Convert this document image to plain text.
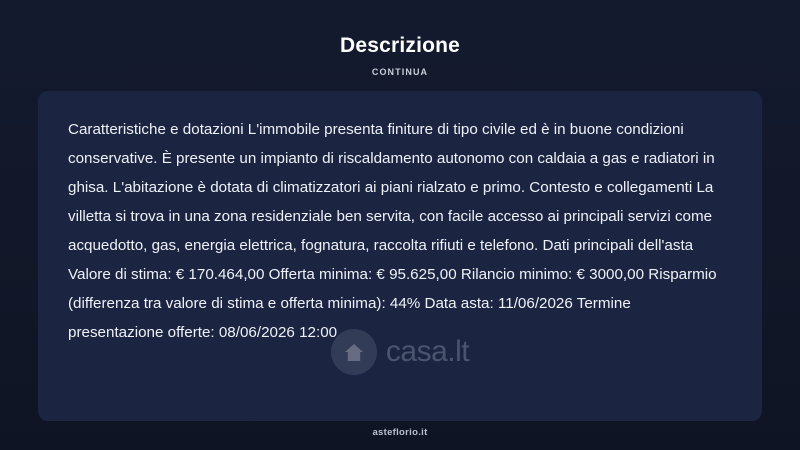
Descrizione
CONTINUA
Caratteristiche e dotazioni L'immobile presenta finiture di tipo civile ed è in buone condizioni conservative. È presente un impianto di riscaldamento autonomo con caldaia a gas e radiatori in ghisa. L'abitazione è dotata di climatizzatori ai piani rialzato e primo. Contesto e collegamenti La villetta si trova in una zona residenziale ben servita, con facile accesso ai principali servizi come acquedotto, gas, energia elettrica, fognatura, raccolta rifiuti e telefono. Dati principali dell'asta Valore di stima: € 170.464,00 Offerta minima: € 95.625,00 Rilancio minimo: € 3000,00 Risparmio (differenza tra valore di stima e offerta minima): 44% Data asta: 11/06/2026 Termine presentazione offerte: 08/06/2026 12:00
casa.lt
asteflorio.it
